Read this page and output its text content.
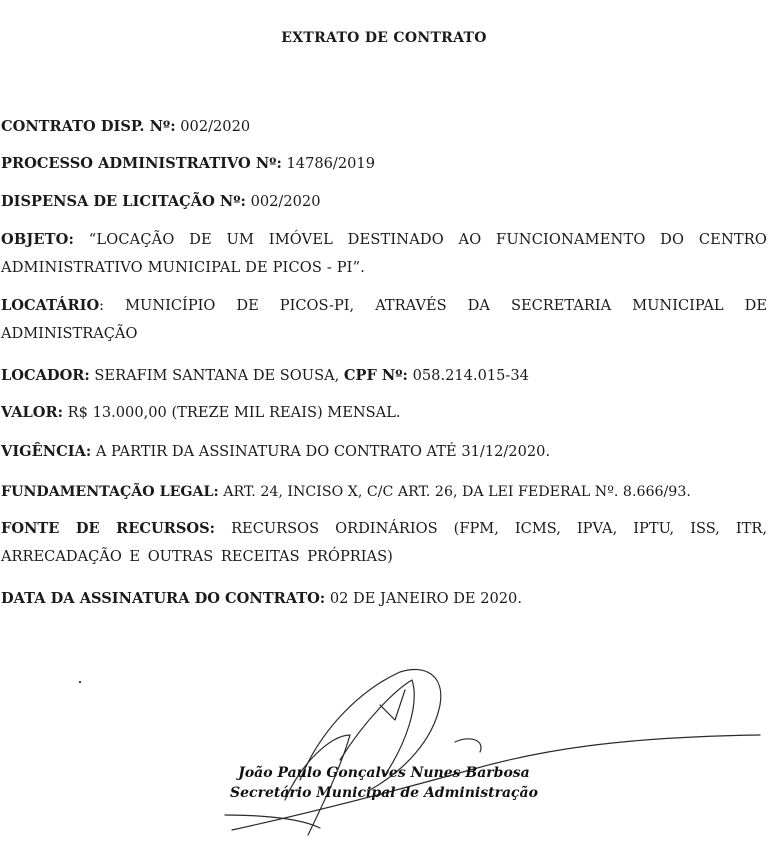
EXTRATO DE CONTRATO
CONTRATO DISP. Nº: 002/2020
PROCESSO ADMINISTRATIVO Nº: 14786/2019
DISPENSA DE LICITAÇÃO Nº: 002/2020
OBJETO: “LOCAÇÃO DE UM IMÓVEL DESTINADO AO FUNCIONAMENTO DO CENTRO ADMINISTRATIVO MUNICIPAL DE PICOS - PI”.
LOCATÁRIO: MUNICÍPIO DE PICOS-PI, ATRAVÉS DA SECRETARIA MUNICIPAL DE ADMINISTRAÇÃO
LOCADOR: SERAFIM SANTANA DE SOUSA, CPF Nº: 058.214.015-34
VALOR: R$ 13.000,00 (TREZE MIL REAIS) MENSAL.
VIGÊNCIA: A PARTIR DA ASSINATURA DO CONTRATO ATÉ 31/12/2020.
FUNDAMENTAÇÃO LEGAL: ART. 24, INCISO X, C/C ART. 26, DA LEI FEDERAL Nº. 8.666/93.
FONTE DE RECURSOS: RECURSOS ORDINÁRIOS (FPM, ICMS, IPVA, IPTU, ISS, ITR, ARRECADAÇÃO E OUTRAS RECEITAS PRÓPRIAS)
DATA DA ASSINATURA DO CONTRATO: 02 DE JANEIRO DE 2020.
João Paulo Gonçalves Nunes Barbosa
Secretário Municipal de Administração
